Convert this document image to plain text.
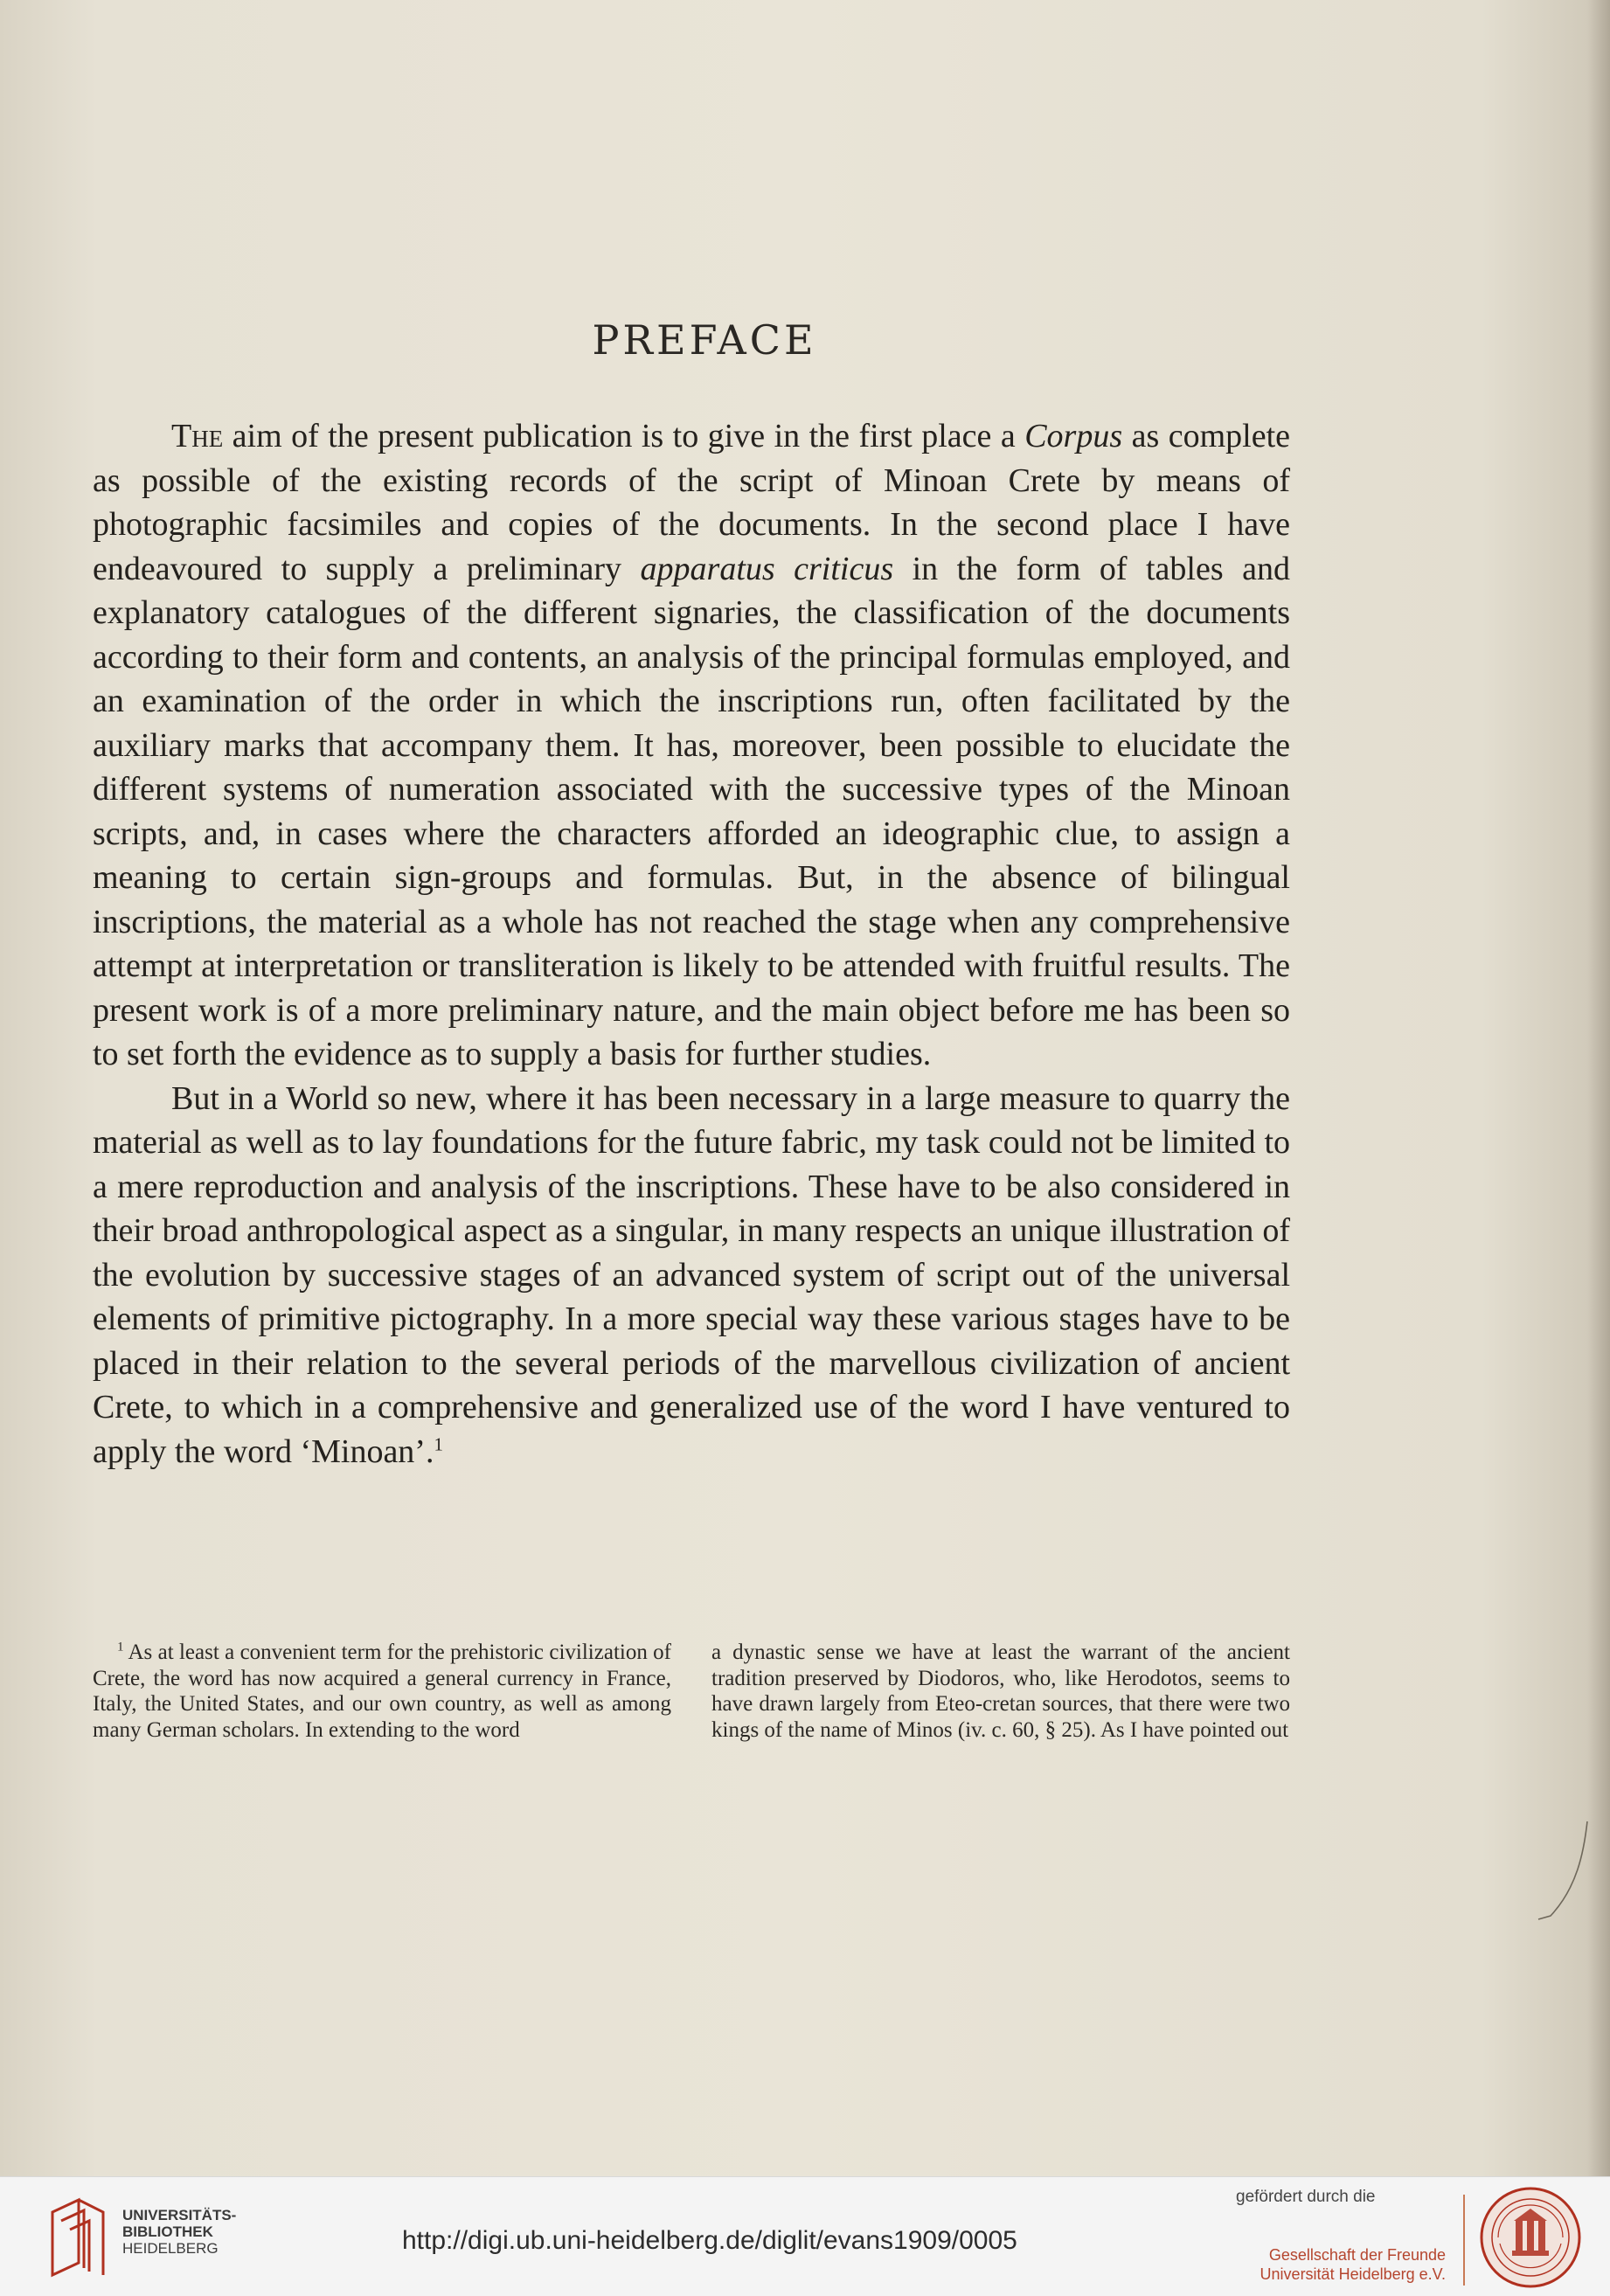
PREFACE

The aim of the present publication is to give in the first place a Corpus as complete as possible of the existing records of the script of Minoan Crete by means of photographic facsimiles and copies of the documents. In the second place I have endeavoured to supply a preliminary apparatus criticus in the form of tables and explanatory catalogues of the different signaries, the classification of the documents according to their form and contents, an analysis of the principal formulas employed, and an examination of the order in which the inscriptions run, often facilitated by the auxiliary marks that accompany them. It has, moreover, been possible to elucidate the different systems of numeration associated with the successive types of the Minoan scripts, and, in cases where the characters afforded an ideographic clue, to assign a meaning to certain sign-groups and formulas. But, in the absence of bilingual inscriptions, the material as a whole has not reached the stage when any comprehensive attempt at interpretation or transliteration is likely to be attended with fruitful results. The present work is of a more preliminary nature, and the main object before me has been so to set forth the evidence as to supply a basis for further studies.

But in a World so new, where it has been necessary in a large measure to quarry the material as well as to lay foundations for the future fabric, my task could not be limited to a mere reproduction and analysis of the inscriptions. These have to be also considered in their broad anthropological aspect as a singular, in many respects an unique illustration of the evolution by successive stages of an advanced system of script out of the universal elements of primitive pictography. In a more special way these various stages have to be placed in their relation to the several periods of the marvellous civilization of ancient Crete, to which in a comprehensive and generalized use of the word I have ventured to apply the word ‘Minoan’.$^1$

$^1$ As at least a convenient term for the prehistoric civilization of Crete, the word has now acquired a general currency in France, Italy, the United States, and our own country, as well as among many German scholars. In extending to the word
a dynastic sense we have at least the warrant of the ancient tradition preserved by Diodoros, who, like Herodotos, seems to have drawn largely from Eteo-cretan sources, that there were two kings of the name of Minos (iv. c. 60, § 25). As I have pointed out
UNIVERSITÄTS-
BIBLIOTHEK
HEIDELBERG	http://digi.ub.uni-heidelberg.de/diglit/evans1909/0005
gefördert durch die
Gesellschaft der Freunde
Universität Heidelberg e.V.
